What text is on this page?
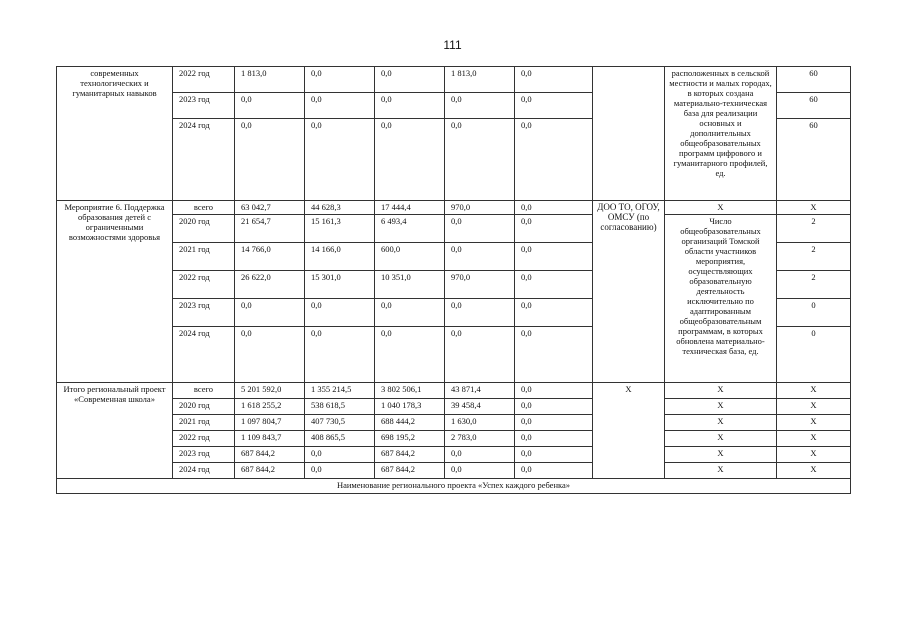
111
современных технологических и гуманитарных навыков	2022 год	1 813,0	0,0	0,0	1 813,0	0,0		расположенных в сельской местности и малых городах, в которых создана материально-техническая база для реализации основных и дополнительных общеобразовательных программ цифрового и гуманитарного профилей, ед.	60
	2023 год	0,0	0,0	0,0	0,0	0,0			60
	2024 год	0,0	0,0	0,0	0,0	0,0			60
Мероприятие 6. Поддержка образования детей с ограниченными возможностями здоровья	всего	63 042,7	44 628,3	17 444,4	970,0	0,0	ДОО ТО, ОГОУ, ОМСУ (по согласованию)	X	X
	2020 год	21 654,7	15 161,3	6 493,4	0,0	0,0		Число общеобразовательных организаций Томской области участников мероприятия, осуществляющих образовательную деятельность исключительно по адаптированным общеобразовательным программам, в которых обновлена материально-техническая база, ед.	2
	2021 год	14 766,0	14 166,0	600,0	0,0	0,0			2
	2022 год	26 622,0	15 301,0	10 351,0	970,0	0,0			2
	2023 год	0,0	0,0	0,0	0,0	0,0			0
	2024 год	0,0	0,0	0,0	0,0	0,0			0
Итого региональный проект «Современная школа»	всего	5 201 592,0	1 355 214,5	3 802 506,1	43 871,4	0,0	X	X	X
	2020 год	1 618 255,2	538 618,5	1 040 178,3	39 458,4	0,0		X	X
	2021 год	1 097 804,7	407 730,5	688 444,2	1 630,0	0,0		X	X
	2022 год	1 109 843,7	408 865,5	698 195,2	2 783,0	0,0		X	X
	2023 год	687 844,2	0,0	687 844,2	0,0	0,0		X	X
	2024 год	687 844,2	0,0	687 844,2	0,0	0,0		X	X
Наименование регионального проекта «Успех каждого ребенка»									
